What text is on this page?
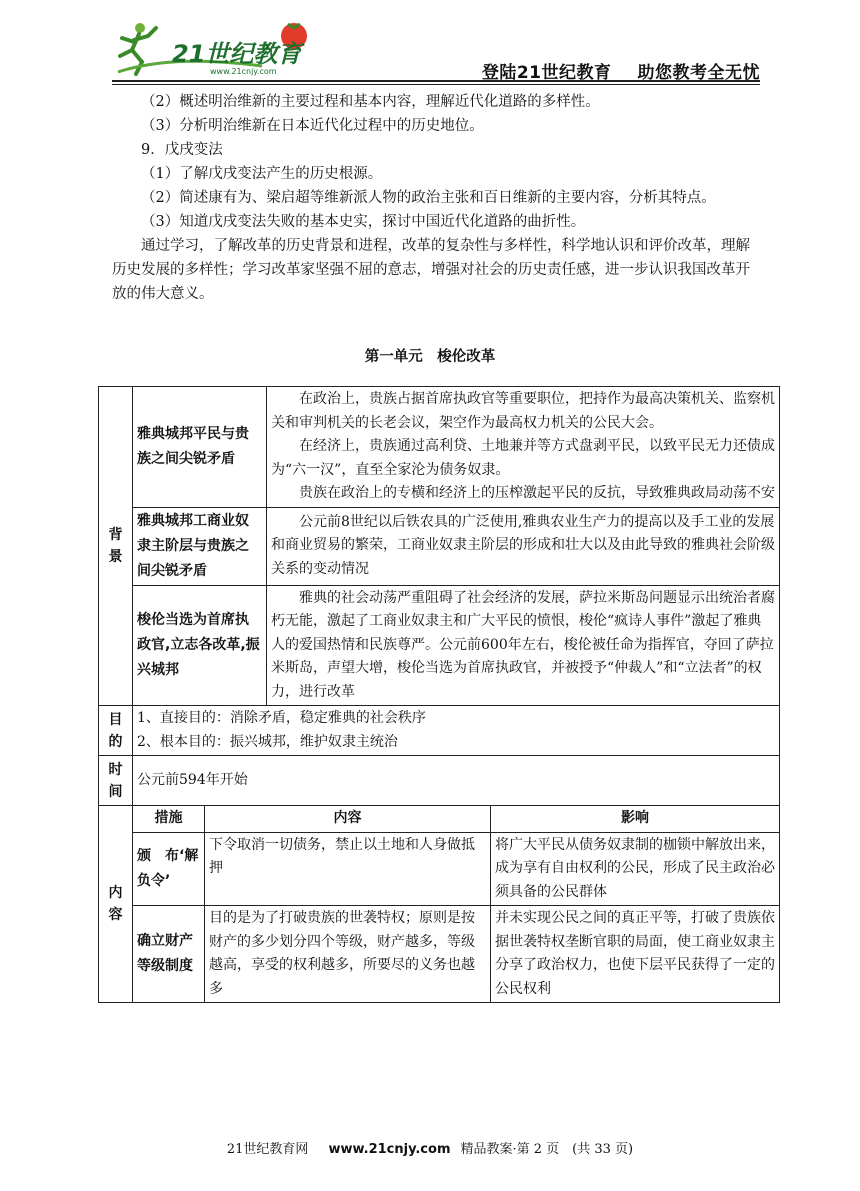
21世纪教育
www.21cnjy.com	登陆21世纪教育 助您教考全无忧

（2）概述明治维新的主要过程和基本内容，理解近代化道路的多样性。

（3）分析明治维新在日本近代化过程中的历史地位。

9．戊戌变法

（1）了解戊戌变法产生的历史根源。

（2）简述康有为、梁启超等维新派人物的政治主张和百日维新的主要内容，分析其特点。

（3）知道戊戌变法失败的基本史实，探讨中国近代化道路的曲折性。

通过学习，了解改革的历史背景和进程，改革的复杂性与多样性，科学地认识和评价改革，理解历史发展的多样性；学习改革家坚强不屈的意志，增强对社会的历史责任感，进一步认识我国改革开放的伟大意义。

第一单元　梭伦改革
背景	雅典城邦平民与贵族之间尖锐矛盾		在政治上，贵族占据首席执政官等重要职位，把持作为最高决策机关、监察机关和审判机关的长老会议，架空作为最高权力机关的公民大会。

在经济上，贵族通过高利贷、土地兼并等方式盘剥平民，以致平民无力还债成为“六一汉”，直至全家沦为债务奴隶。

贵族在政治上的专横和经济上的压榨激起平民的反抗，导致雅典政局动荡不安	

	雅典城邦工商业奴隶主阶层与贵族之间尖锐矛盾		公元前8世纪以后铁农具的广泛使用,雅典农业生产力的提高以及手工业的发展和商业贸易的繁荣，工商业奴隶主阶层的形成和壮大以及由此导致的雅典社会阶级关系的变动情况	

	梭伦当选为首席执政官,立志各改革,振兴城邦		雅典的社会动荡严重阻碍了社会经济的发展，萨拉米斯岛问题显示出统治者腐朽无能，激起了工商业奴隶主和广大平民的愤恨，梭伦“疯诗人事件”激起了雅典人的爱国热情和民族尊严。公元前600年左右，梭伦被任命为指挥官，夺回了萨拉米斯岛，声望大增，梭伦当选为首席执政官，并被授予“仲裁人”和“立法者”的权力，进行改革	

目的	1、直接目的：消除矛盾，稳定雅典的社会秩序

2、根本目的：振兴城邦，维护奴隶主统治			

时间	公元前594年开始			
内容	措施	内容		影响
	颁　布‘解负令’	下令取消一切债务，禁止以土地和人身做抵押		将广大平民从债务奴隶制的枷锁中解放出来，成为享有自由权利的公民，形成了民主政治必须具备的公民群体
	确立财产等级制度	目的是为了打破贵族的世袭特权；原则是按财产的多少划分四个等级，财产越多，等级越高，享受的权利越多，所要尽的义务也越多		并未实现公民之间的真正平等，打破了贵族依据世袭特权垄断官职的局面，使工商业奴隶主分享了政治权力，也使下层平民获得了一定的公民权利
21世纪教育网 www.21cnjy.com 精品教案·第 2 页　(共 33 页)
